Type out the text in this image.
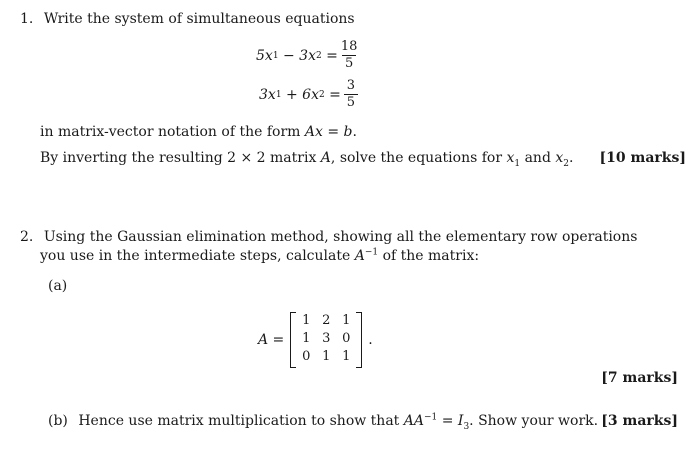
1. Write the system of simultaneous equations
5x 1 − 3x $2 = \frac{18}{5}$
3x 1 + 6x $2 = \frac{3}{5}$
in matrix-vector notation of the form Ax = b.
By inverting the resulting 2 × 2 matrix A, solve the equations for $x_1$ and $x_2$. [10 marks]
2. Using the Gaussian elimination method, showing all the elementary row operations
you use in the intermediate steps, calculate $A^{-1}$ of the matrix:
(a)
A =
1 2 1
1 3 0
0 1 1
.
[7 marks]
(b) Hence use matrix multiplication to show that $AA^{-1} = I_3$. Show your work. [3 marks]
